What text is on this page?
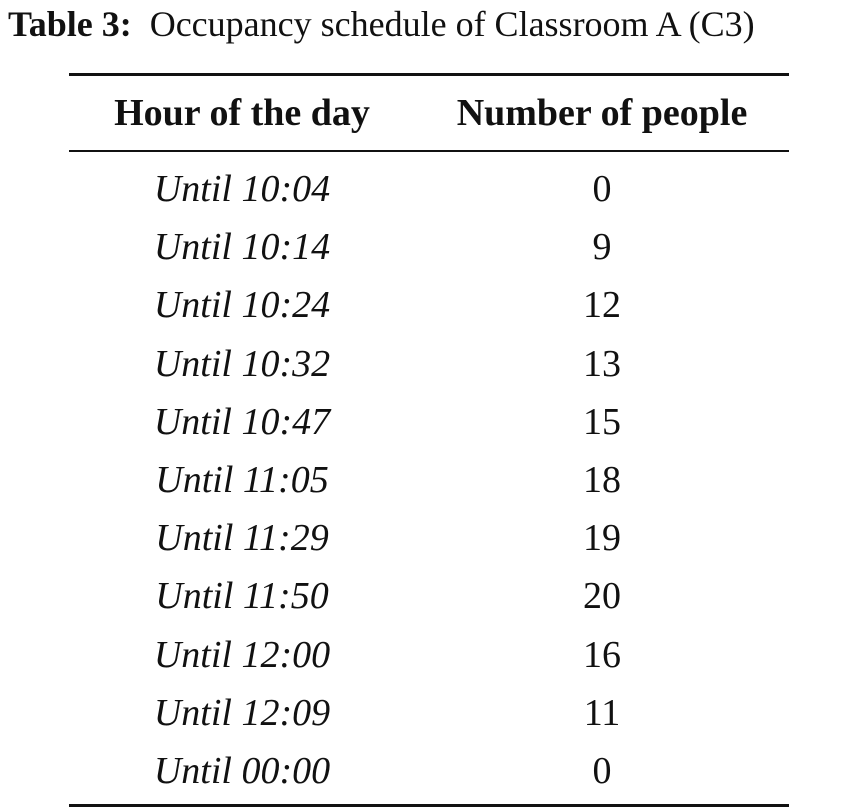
Table 3: Occupancy schedule of Classroom A (C3)
Hour of the day	Number of people
Until 10:04	0
Until 10:14	9
Until 10:24	12
Until 10:32	13
Until 10:47	15
Until 11:05	18
Until 11:29	19
Until 11:50	20
Until 12:00	16
Until 12:09	11
Until 00:00	0
